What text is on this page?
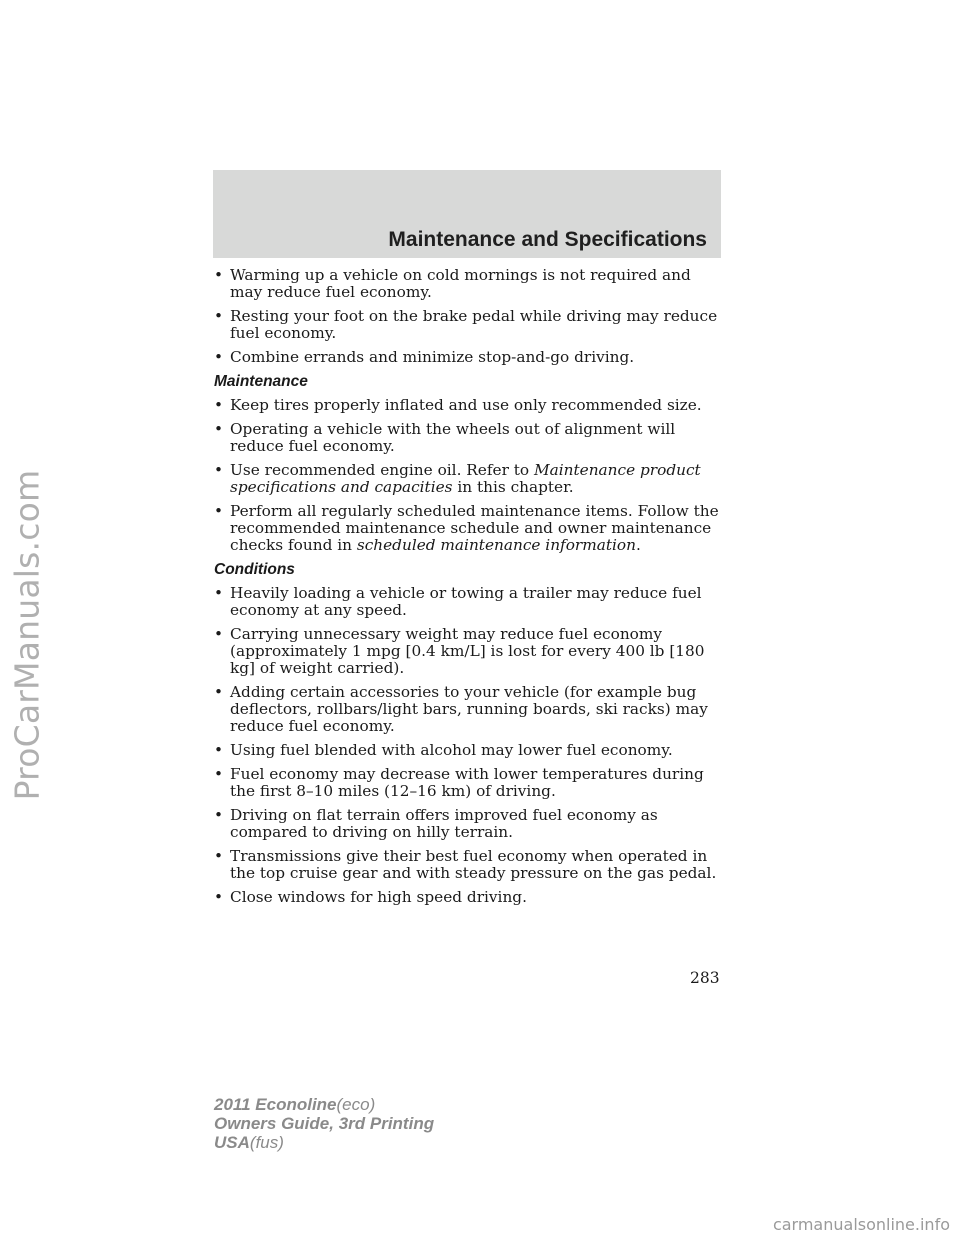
ProCarManuals.com
Maintenance and Specifications
• Warming up a vehicle on cold mornings is not required and may reduce fuel economy.
• Resting your foot on the brake pedal while driving may reduce fuel economy.
• Combine errands and minimize stop-and-go driving.
Maintenance
• Keep tires properly inflated and use only recommended size.
• Operating a vehicle with the wheels out of alignment will reduce fuel economy.
• Use recommended engine oil. Refer to Maintenance product specifications and capacities in this chapter.
• Perform all regularly scheduled maintenance items. Follow the recommended maintenance schedule and owner maintenance checks found in scheduled maintenance information.
Conditions
• Heavily loading a vehicle or towing a trailer may reduce fuel economy at any speed.
• Carrying unnecessary weight may reduce fuel economy (approximately 1 mpg [0.4 km/L] is lost for every 400 lb [180 kg] of weight carried).
• Adding certain accessories to your vehicle (for example bug deflectors, rollbars/light bars, running boards, ski racks) may reduce fuel economy.
• Using fuel blended with alcohol may lower fuel economy.
• Fuel economy may decrease with lower temperatures during the first 8–10 miles (12–16 km) of driving.
• Driving on flat terrain offers improved fuel economy as compared to driving on hilly terrain.
• Transmissions give their best fuel economy when operated in the top cruise gear and with steady pressure on the gas pedal.
• Close windows for high speed driving.
283
2011 Econoline(eco)
Owners Guide, 3rd Printing
USA(fus)
carmanualsonline.info
